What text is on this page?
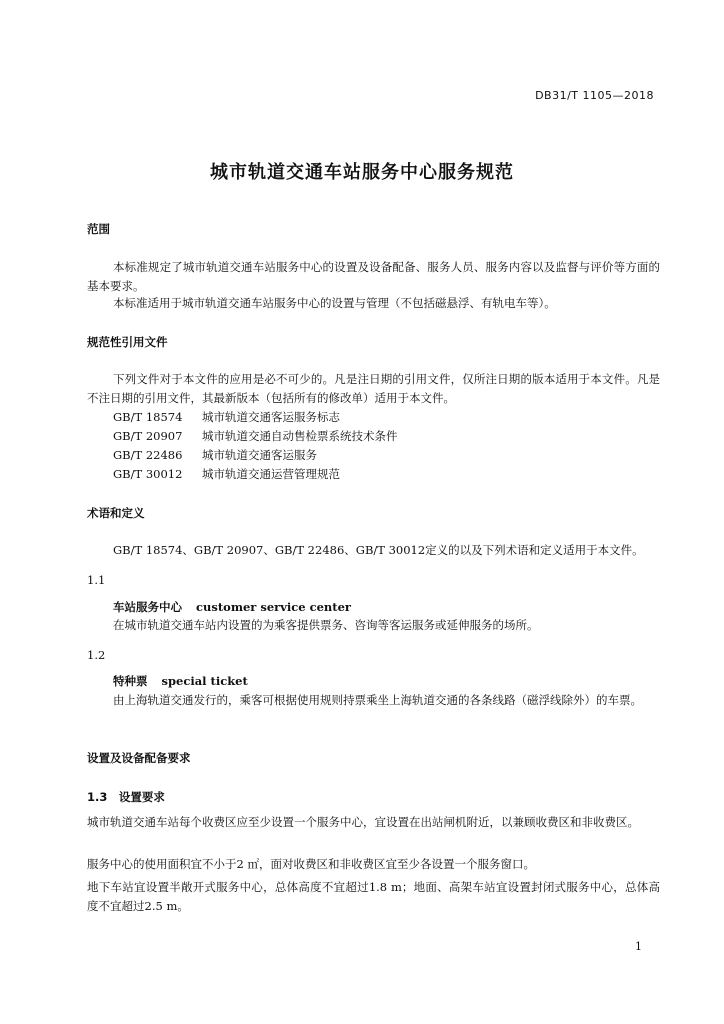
DB31/T 1105—2018
城市轨道交通车站服务中心服务规范
范围
本标准规定了城市轨道交通车站服务中心的设置及设备配备、服务人员、服务内容以及监督与评价等方面的基本要求。
本标准适用于城市轨道交通车站服务中心的设置与管理（不包括磁悬浮、有轨电车等）。
规范性引用文件
下列文件对于本文件的应用是必不可少的。凡是注日期的引用文件，仅所注日期的版本适用于本文件。凡是不注日期的引用文件，其最新版本（包括所有的修改单）适用于本文件。
GB/T 18574 城市轨道交通客运服务标志
GB/T 20907 城市轨道交通自动售检票系统技术条件
GB/T 22486 城市轨道交通客运服务
GB/T 30012 城市轨道交通运营管理规范
术语和定义
GB/T 18574、GB/T 20907、GB/T 22486、GB/T 30012定义的以及下列术语和定义适用于本文件。
1.1
车站服务中心 customer service center
在城市轨道交通车站内设置的为乘客提供票务、咨询等客运服务或延伸服务的场所。
1.2
特种票 special ticket
由上海轨道交通发行的，乘客可根据使用规则持票乘坐上海轨道交通的各条线路（磁浮线除外）的车票。
设置及设备配备要求
1.3　设置要求
城市轨道交通车站每个收费区应至少设置一个服务中心，宜设置在出站闸机附近，以兼顾收费区和非收费区。
服务中心的使用面积宜不小于2 ㎡，面对收费区和非收费区宜至少各设置一个服务窗口。
地下车站宜设置半敞开式服务中心，总体高度不宜超过1.8 m；地面、高架车站宜设置封闭式服务中心，总体高度不宜超过2.5 m。
1
